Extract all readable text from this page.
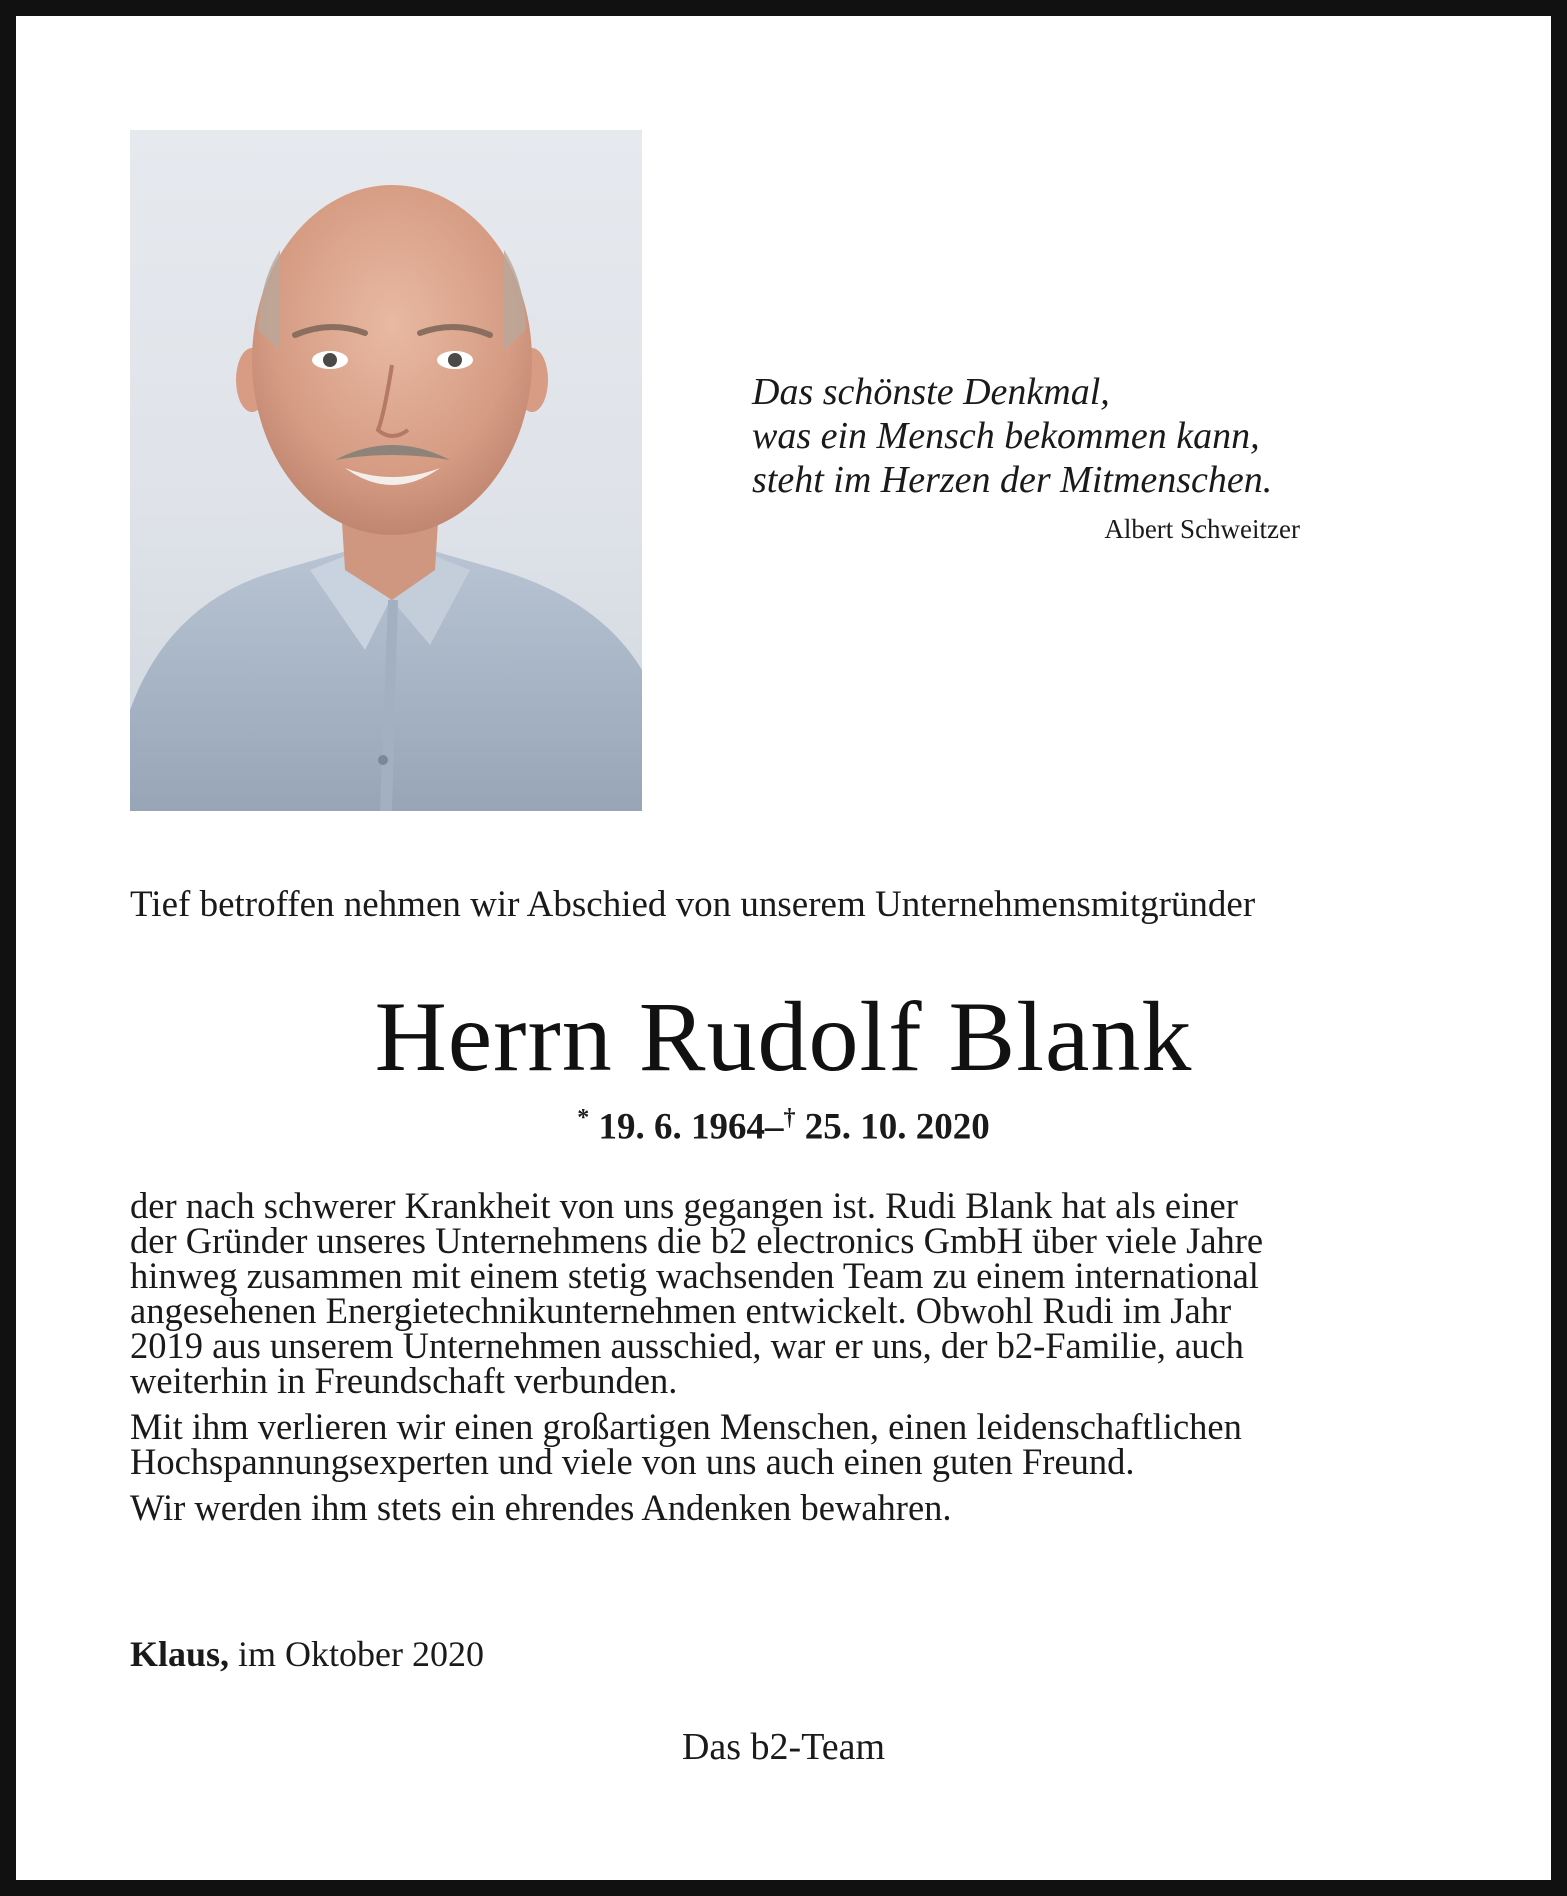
Das schönste Denkmal,
was ein Mensch bekommen kann,
steht im Herzen der Mitmenschen.
Albert Schweitzer
Tief betroffen nehmen wir Abschied von unserem Unternehmensmitgründer
Herrn Rudolf Blank
* 19. 6. 1964–† 25. 10. 2020

der nach schwerer Krankheit von uns gegangen ist. Rudi Blank hat als einer
der Gründer unseres Unternehmens die b2 electronics GmbH über viele Jahre
hinweg zusammen mit einem stetig wachsenden Team zu einem international
angesehenen Energietechnikunternehmen entwickelt. Obwohl Rudi im Jahr
2019 aus unserem Unternehmen ausschied, war er uns, der b2-Familie, auch
weiterhin in Freundschaft verbunden.

Mit ihm verlieren wir einen großartigen Menschen, einen leidenschaftlichen
Hochspannungsexperten und viele von uns auch einen guten Freund.

Wir werden ihm stets ein ehrendes Andenken bewahren.

Klaus, im Oktober 2020
Das b2-Team
